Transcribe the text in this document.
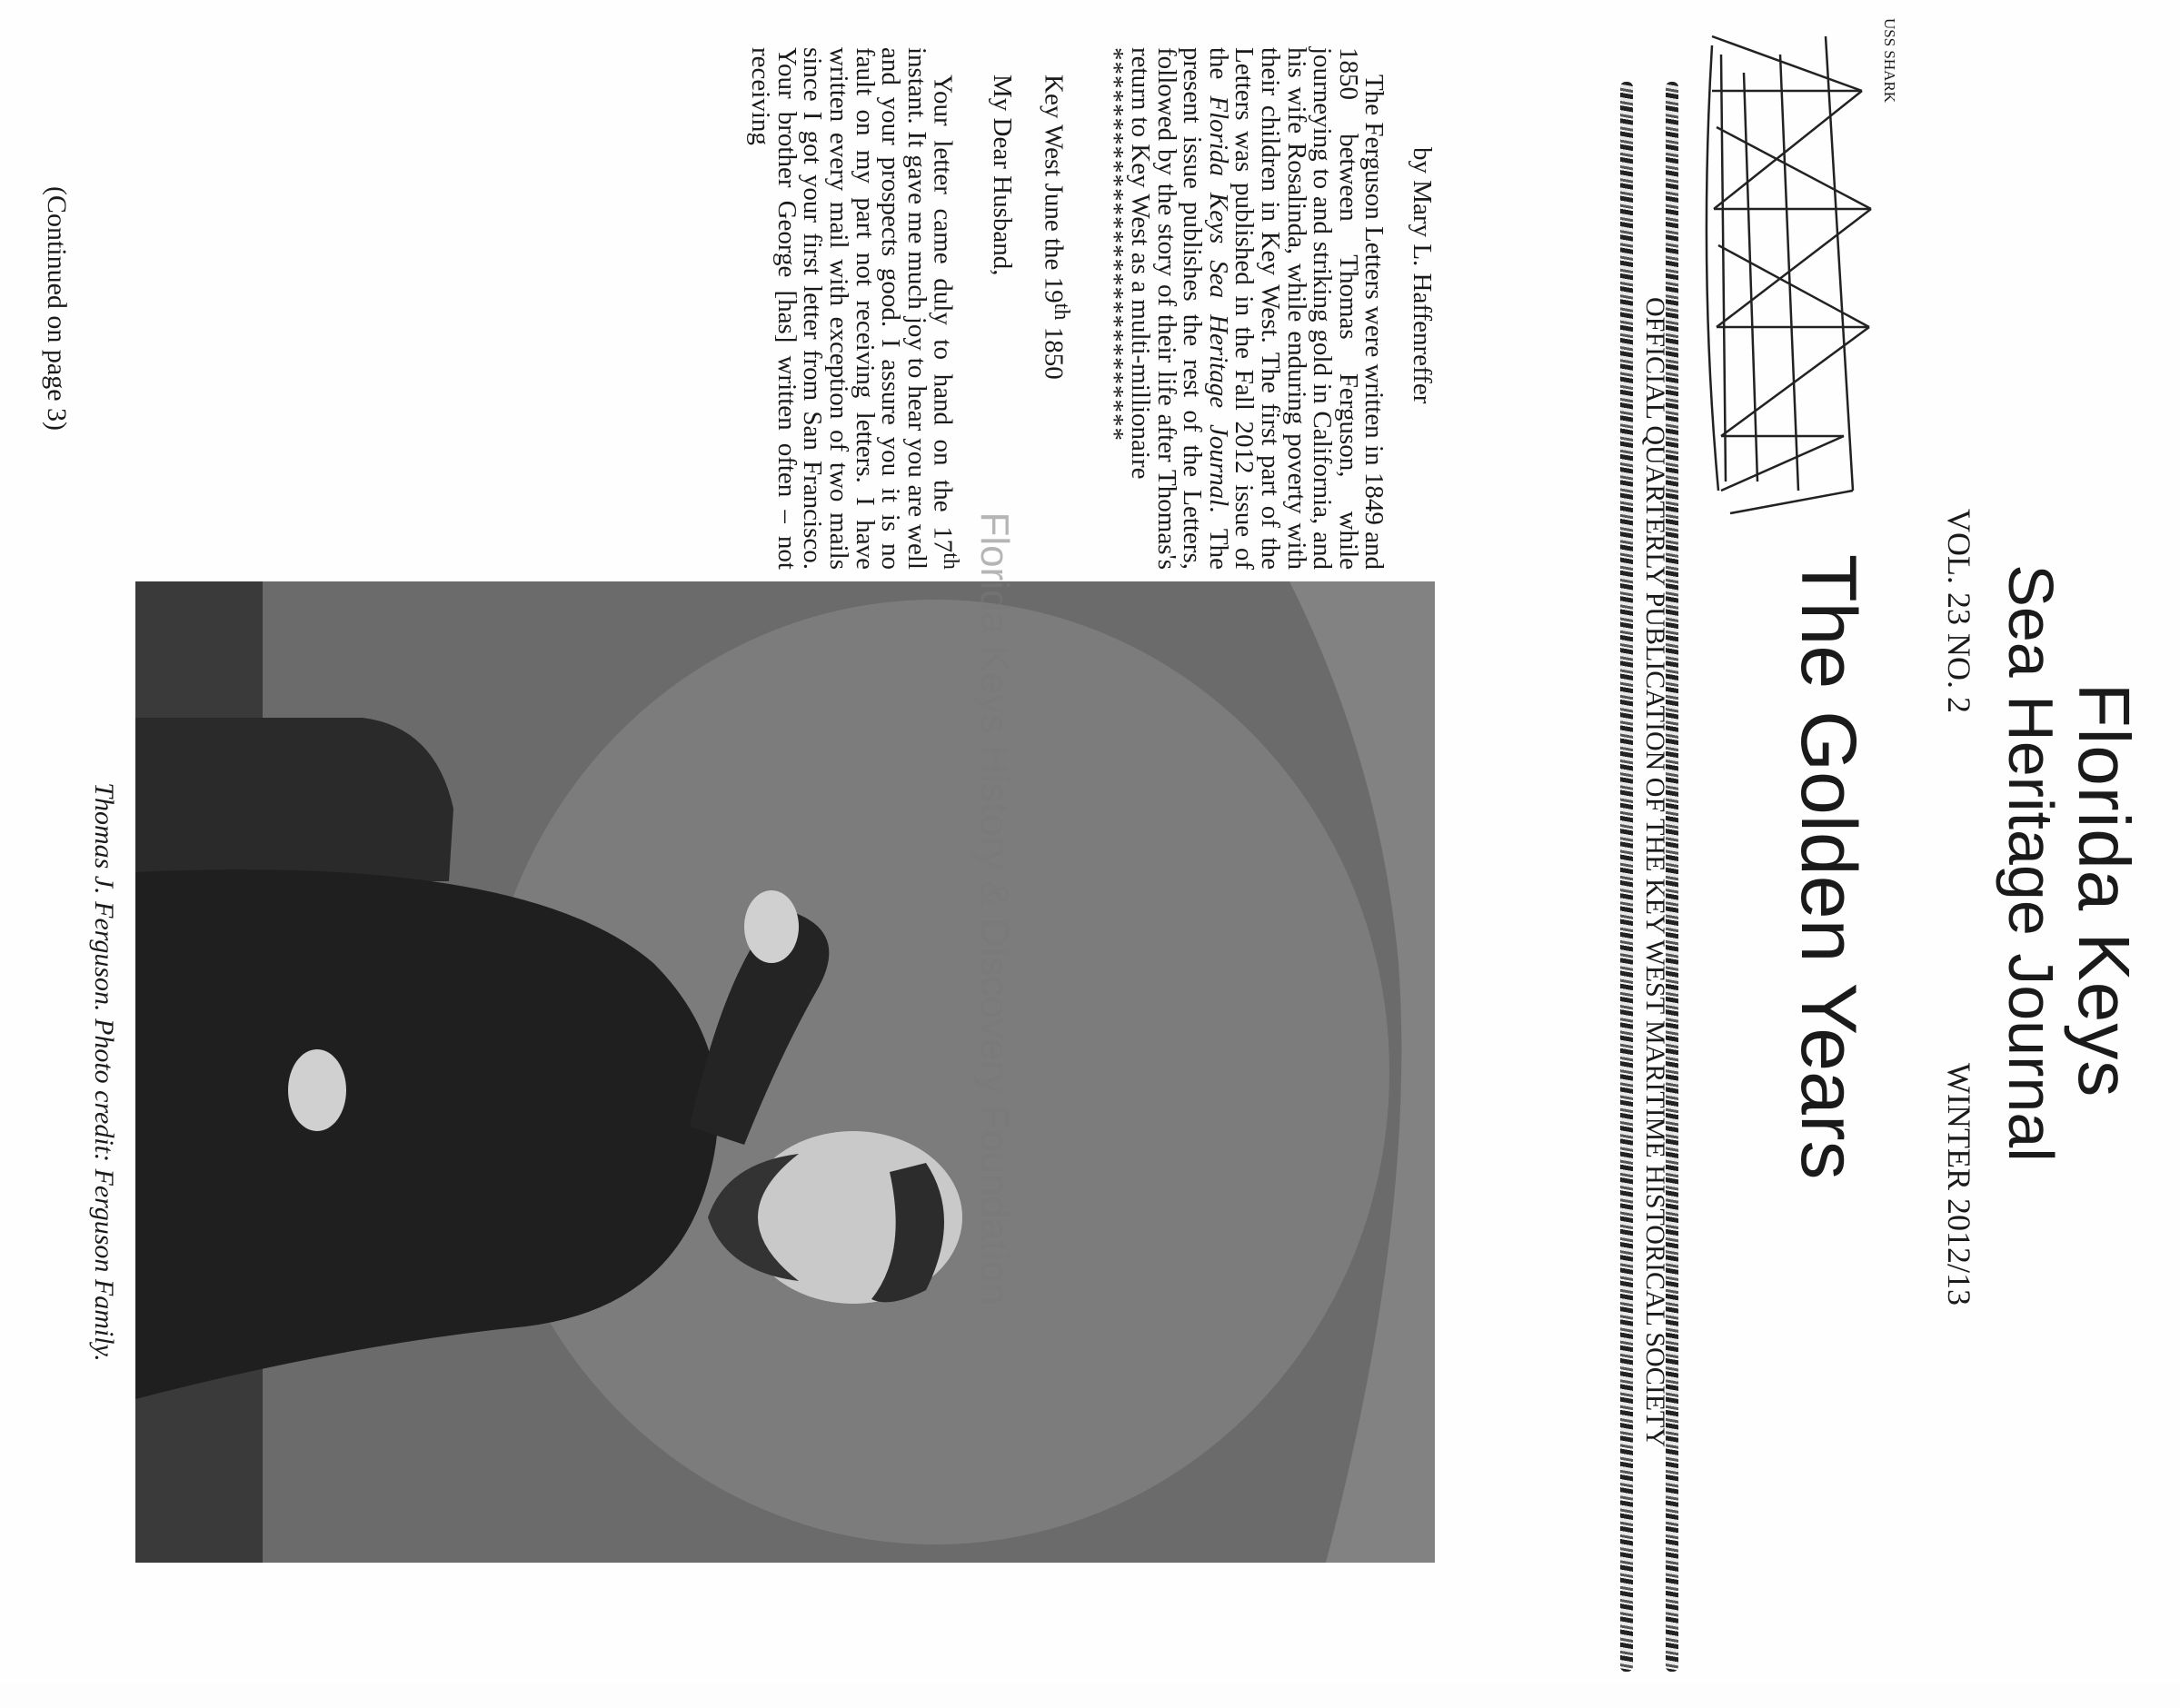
Florida Keys
Sea Heritage Journal
VOL. 23 NO. 2
WINTER 2012/13
USS SHARK
OFFICIAL QUARTERLY PUBLICATION OF THE KEY WEST MARITIME HISTORICAL SOCIETY The Golden Years

by Mary L. Haffenreffer

The Ferguson Letters were written in 1849 and 1850 between Thomas Ferguson, while journeying to and striking gold in California, and his wife Rosalinda, while enduring poverty with their children in Key West. The first part of the Letters was published in the Fall 2012 issue of the Florida Keys Sea Heritage Journal. The present issue publishes the rest of the Letters, followed by the story of their life after Thomas's return to Key West as a multi-millionaire

****************************

Key West June the 19th 1850

My Dear Husband,

Your letter came duly to hand on the 17th instant. It gave me much joy to hear you are well and your prospects good. I assure you it is no fault on my part not receiving letters. I have written every mail with exception of two mails since I got your first letter from San Francisco. Your brother George [has] written often – not receiving

(Continued on page 3)
Florida Keys History & Discovery Foundation
Thomas J. Ferguson. Photo credit: Ferguson Family.
